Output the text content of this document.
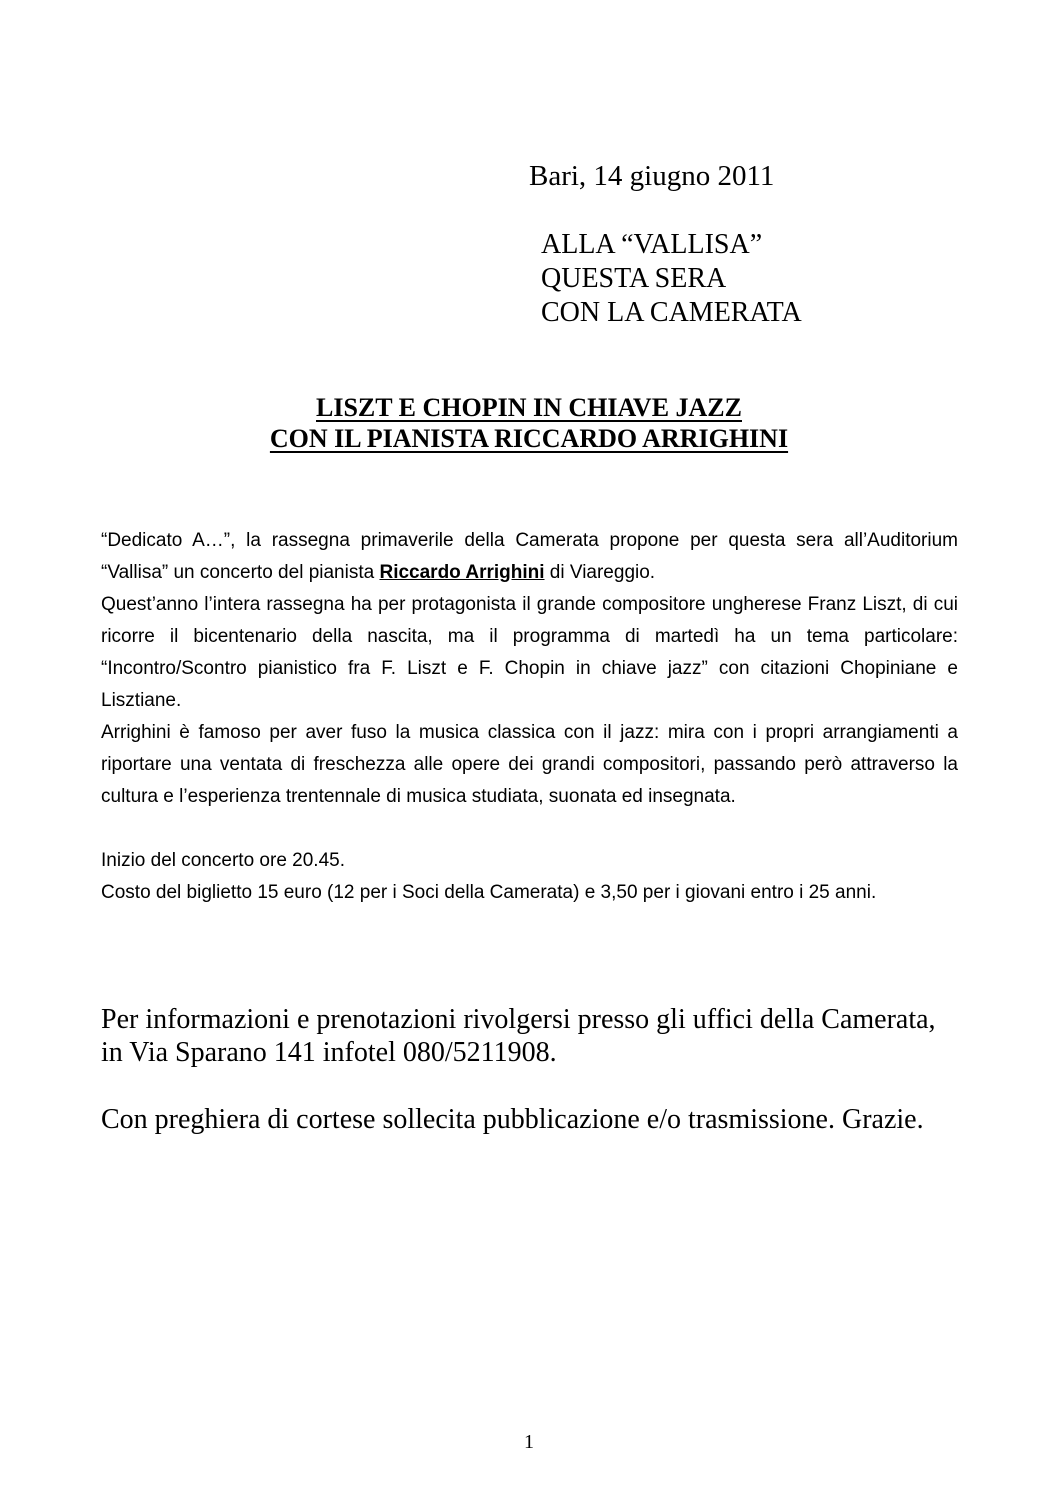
Bari, 14 giugno 2011
ALLA “VALLISA”
QUESTA SERA
CON LA CAMERATA
LISZT E CHOPIN IN CHIAVE JAZZ
CON IL PIANISTA RICCARDO ARRIGHINI

“Dedicato A…”, la rassegna primaverile della Camerata propone per questa sera all’Auditorium “Vallisa” un concerto del pianista Riccardo Arrighini di Viareggio.

Quest’anno l’intera rassegna ha per protagonista il grande compositore ungherese Franz Liszt, di cui ricorre il bicentenario della nascita, ma il programma di martedì ha un tema particolare: “Incontro/Scontro pianistico fra F. Liszt e F. Chopin in chiave jazz” con citazioni Chopiniane e Lisztiane.

Arrighini è famoso per aver fuso la musica classica con il jazz: mira con i propri arrangiamenti a riportare una ventata di freschezza alle opere dei grandi compositori, passando però attraverso la cultura e l’esperienza trentennale di musica studiata, suonata ed insegnata.

Inizio del concerto ore 20.45.

Costo del biglietto 15 euro (12 per i Soci della Camerata) e 3,50 per i giovani entro i 25 anni.

Per informazioni e prenotazioni rivolgersi presso gli uffici della Camerata,

in Via Sparano 141 infotel 080/5211908.

Con preghiera di cortese sollecita pubblicazione e/o trasmissione. Grazie.

1
